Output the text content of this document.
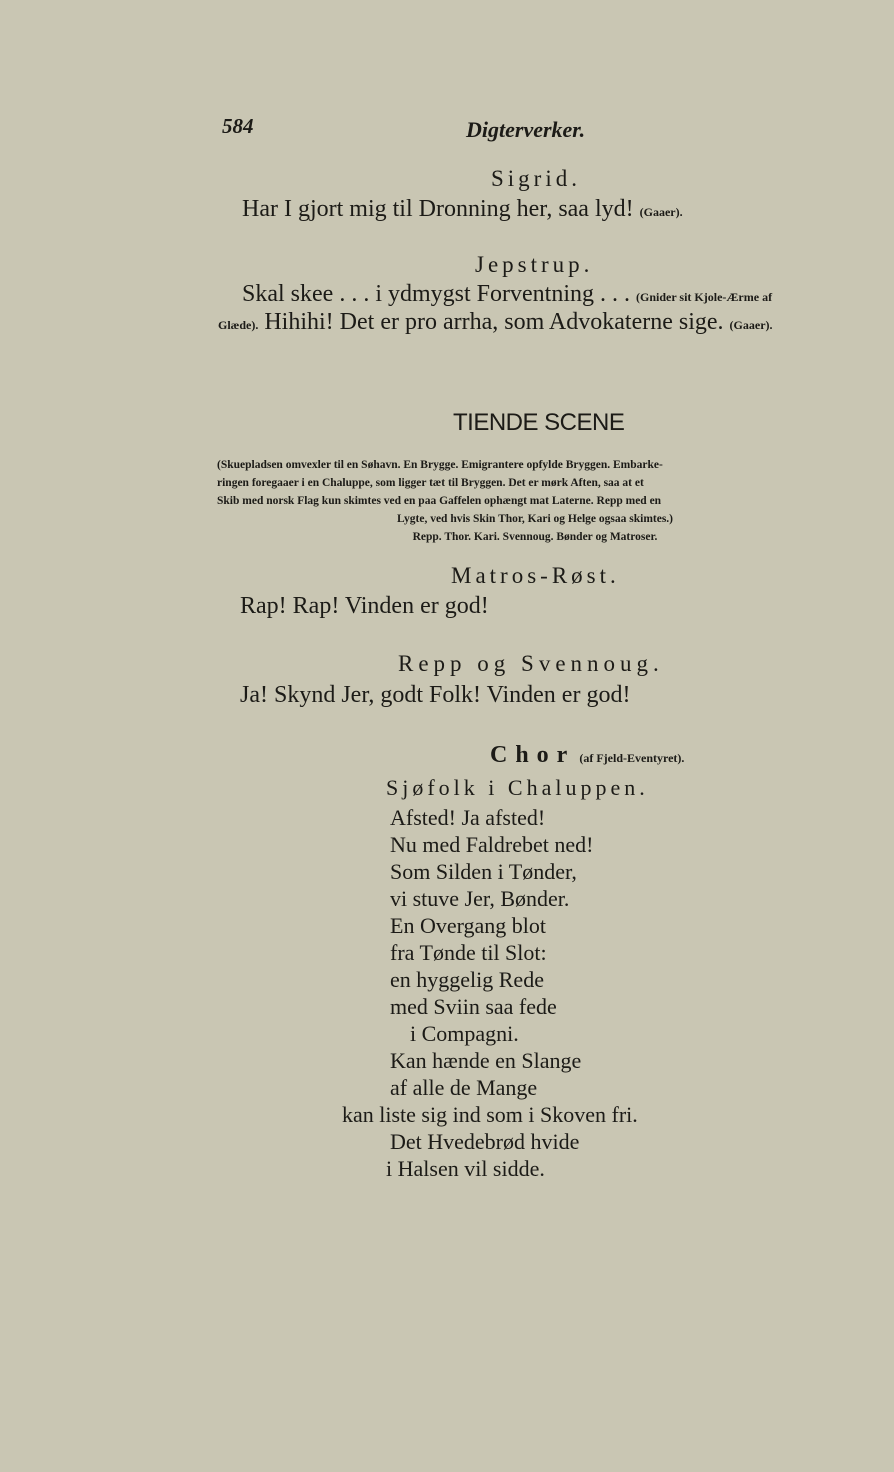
584	Digterverker.
Sigrid.
Har I gjort mig til Dronning her, saa lyd! (Gaaer).
Jepstrup.
Skal skee . . . i ydmygst Forventning . . . (Gnider sit Kjole-Ærme af
Glæde). Hihihi! Det er pro arrha, som Advokaterne sige. (Gaaer).
TIENDE SCENE

(Skuepladsen omvexler til en Søhavn. En Brygge. Emigrantere opfylde Bryggen. Embarke-

ringen foregaaer i en Chaluppe, som ligger tæt til Bryggen. Det er mørk Aften, saa at et

Skib med norsk Flag kun skimtes ved en paa Gaffelen ophængt mat Laterne. Repp med en

Lygte, ved hvis Skin Thor, Kari og Helge ogsaa skimtes.)

Repp. Thor. Kari. Svennoug. Bønder og Matroser.

Matros-Røst.
Rap! Rap! Vinden er god!
Repp og Svennoug.
Ja! Skynd Jer, godt Folk! Vinden er god!
Chor (af Fjeld-Eventyret).
Sjøfolk i Chaluppen.
Afsted! Ja afsted!
Nu med Faldrebet ned!
Som Silden i Tønder,
vi stuve Jer, Bønder.
En Overgang blot
fra Tønde til Slot:
en hyggelig Rede
med Sviin saa fede
i Compagni.
Kan hænde en Slange
af alle de Mange
kan liste sig ind som i Skoven fri.
Det Hvedebrød hvide
i Halsen vil sidde.
